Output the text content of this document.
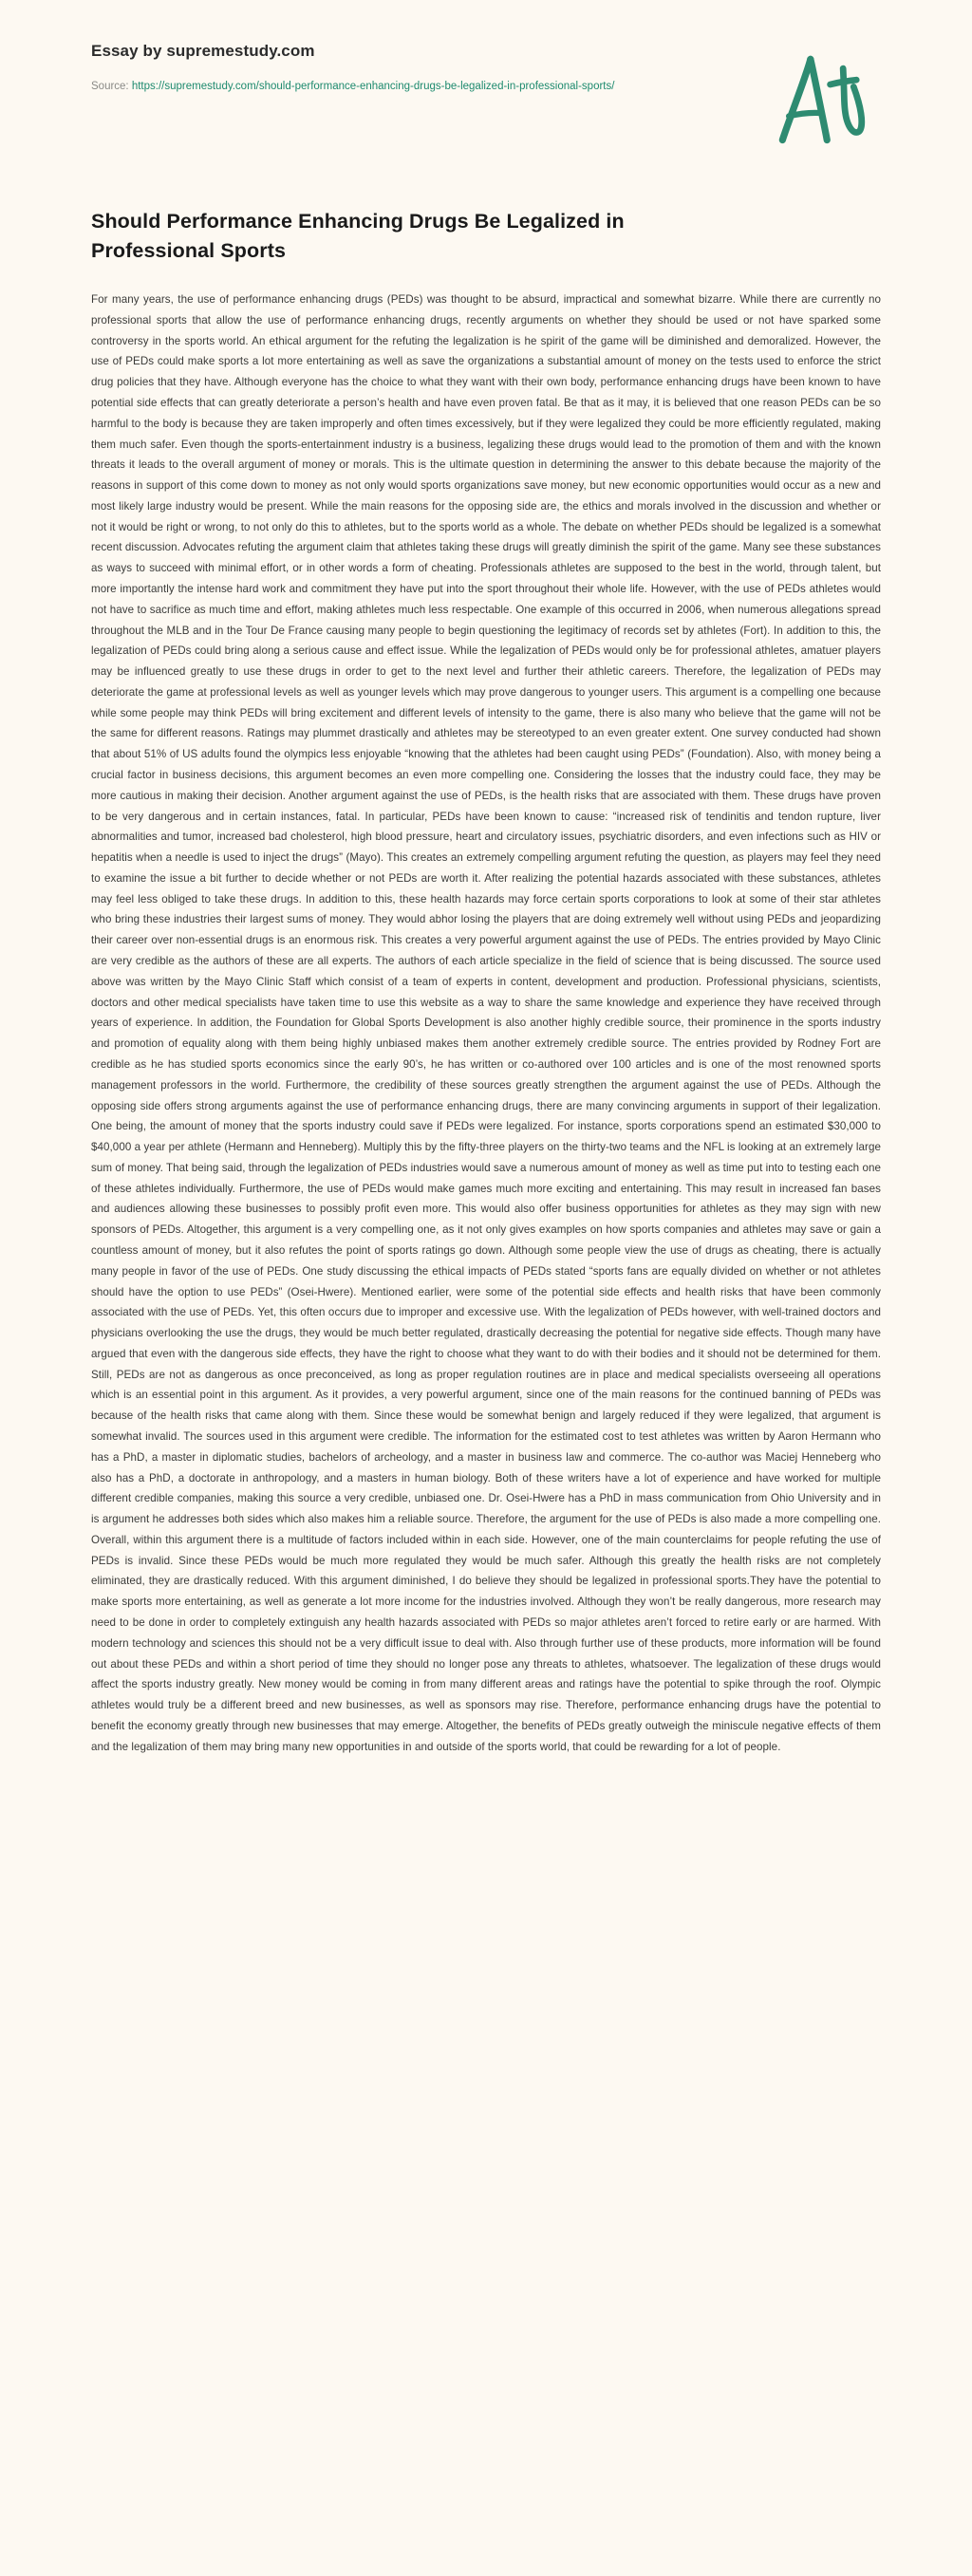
Essay by supremestudy.com
Source: https://supremestudy.com/should-performance-enhancing-drugs-be-legalized-in-professional-sports/
Should Performance Enhancing Drugs Be Legalized in Professional Sports

For many years, the use of performance enhancing drugs (PEDs) was thought to be absurd, impractical and somewhat bizarre. While there are currently no professional sports that allow the use of performance enhancing drugs, recently arguments on whether they should be used or not have sparked some controversy in the sports world. An ethical argument for the refuting the legalization is he spirit of the game will be diminished and demoralized. However, the use of PEDs could make sports a lot more entertaining as well as save the organizations a substantial amount of money on the tests used to enforce the strict drug policies that they have. Although everyone has the choice to what they want with their own body, performance enhancing drugs have been known to have potential side effects that can greatly deteriorate a person’s health and have even proven fatal. Be that as it may, it is believed that one reason PEDs can be so harmful to the body is because they are taken improperly and often times excessively, but if they were legalized they could be more efficiently regulated, making them much safer. Even though the sports-entertainment industry is a business, legalizing these drugs would lead to the promotion of them and with the known threats it leads to the overall argument of money or morals. This is the ultimate question in determining the answer to this debate because the majority of the reasons in support of this come down to money as not only would sports organizations save money, but new economic opportunities would occur as a new and most likely large industry would be present. While the main reasons for the opposing side are, the ethics and morals involved in the discussion and whether or not it would be right or wrong, to not only do this to athletes, but to the sports world as a whole. The debate on whether PEDs should be legalized is a somewhat recent discussion. Advocates refuting the argument claim that athletes taking these drugs will greatly diminish the spirit of the game. Many see these substances as ways to succeed with minimal effort, or in other words a form of cheating. Professionals athletes are supposed to the best in the world, through talent, but more importantly the intense hard work and commitment they have put into the sport throughout their whole life. However, with the use of PEDs athletes would not have to sacrifice as much time and effort, making athletes much less respectable. One example of this occurred in 2006, when numerous allegations spread throughout the MLB and in the Tour De France causing many people to begin questioning the legitimacy of records set by athletes (Fort). In addition to this, the legalization of PEDs could bring along a serious cause and effect issue. While the legalization of PEDs would only be for professional athletes, amatuer players may be influenced greatly to use these drugs in order to get to the next level and further their athletic careers. Therefore, the legalization of PEDs may deteriorate the game at professional levels as well as younger levels which may prove dangerous to younger users. This argument is a compelling one because while some people may think PEDs will bring excitement and different levels of intensity to the game, there is also many who believe that the game will not be the same for different reasons. Ratings may plummet drastically and athletes may be stereotyped to an even greater extent. One survey conducted had shown that about 51% of US adults found the olympics less enjoyable “knowing that the athletes had been caught using PEDs” (Foundation). Also, with money being a crucial factor in business decisions, this argument becomes an even more compelling one. Considering the losses that the industry could face, they may be more cautious in making their decision. Another argument against the use of PEDs, is the health risks that are associated with them. These drugs have proven to be very dangerous and in certain instances, fatal. In particular, PEDs have been known to cause: “increased risk of tendinitis and tendon rupture, liver abnormalities and tumor, increased bad cholesterol, high blood pressure, heart and circulatory issues, psychiatric disorders, and even infections such as HIV or hepatitis when a needle is used to inject the drugs” (Mayo). This creates an extremely compelling argument refuting the question, as players may feel they need to examine the issue a bit further to decide whether or not PEDs are worth it. After realizing the potential hazards associated with these substances, athletes may feel less obliged to take these drugs. In addition to this, these health hazards may force certain sports corporations to look at some of their star athletes who bring these industries their largest sums of money. They would abhor losing the players that are doing extremely well without using PEDs and jeopardizing their career over non-essential drugs is an enormous risk. This creates a very powerful argument against the use of PEDs. The entries provided by Mayo Clinic are very credible as the authors of these are all experts. The authors of each article specialize in the field of science that is being discussed. The source used above was written by the Mayo Clinic Staff which consist of a team of experts in content, development and production. Professional physicians, scientists, doctors and other medical specialists have taken time to use this website as a way to share the same knowledge and experience they have received through years of experience. In addition, the Foundation for Global Sports Development is also another highly credible source, their prominence in the sports industry and promotion of equality along with them being highly unbiased makes them another extremely credible source. The entries provided by Rodney Fort are credible as he has studied sports economics since the early 90’s, he has written or co-authored over 100 articles and is one of the most renowned sports management professors in the world. Furthermore, the credibility of these sources greatly strengthen the argument against the use of PEDs. Although the opposing side offers strong arguments against the use of performance enhancing drugs, there are many convincing arguments in support of their legalization. One being, the amount of money that the sports industry could save if PEDs were legalized. For instance, sports corporations spend an estimated $30,000 to $40,000 a year per athlete (Hermann and Henneberg). Multiply this by the fifty-three players on the thirty-two teams and the NFL is looking at an extremely large sum of money. That being said, through the legalization of PEDs industries would save a numerous amount of money as well as time put into to testing each one of these athletes individually. Furthermore, the use of PEDs would make games much more exciting and entertaining. This may result in increased fan bases and audiences allowing these businesses to possibly profit even more. This would also offer business opportunities for athletes as they may sign with new sponsors of PEDs. Altogether, this argument is a very compelling one, as it not only gives examples on how sports companies and athletes may save or gain a countless amount of money, but it also refutes the point of sports ratings go down. Although some people view the use of drugs as cheating, there is actually many people in favor of the use of PEDs. One study discussing the ethical impacts of PEDs stated “sports fans are equally divided on whether or not athletes should have the option to use PEDs” (Osei-Hwere). Mentioned earlier, were some of the potential side effects and health risks that have been commonly associated with the use of PEDs. Yet, this often occurs due to improper and excessive use. With the legalization of PEDs however, with well-trained doctors and physicians overlooking the use the drugs, they would be much better regulated, drastically decreasing the potential for negative side effects. Though many have argued that even with the dangerous side effects, they have the right to choose what they want to do with their bodies and it should not be determined for them. Still, PEDs are not as dangerous as once preconceived, as long as proper regulation routines are in place and medical specialists overseeing all operations which is an essential point in this argument. As it provides, a very powerful argument, since one of the main reasons for the continued banning of PEDs was because of the health risks that came along with them. Since these would be somewhat benign and largely reduced if they were legalized, that argument is somewhat invalid. The sources used in this argument were credible. The information for the estimated cost to test athletes was written by Aaron Hermann who has a PhD, a master in diplomatic studies, bachelors of archeology, and a master in business law and commerce. The co-author was Maciej Henneberg who also has a PhD, a doctorate in anthropology, and a masters in human biology. Both of these writers have a lot of experience and have worked for multiple different credible companies, making this source a very credible, unbiased one. Dr. Osei-Hwere has a PhD in mass communication from Ohio University and in is argument he addresses both sides which also makes him a reliable source. Therefore, the argument for the use of PEDs is also made a more compelling one. Overall, within this argument there is a multitude of factors included within in each side. However, one of the main counterclaims for people refuting the use of PEDs is invalid. Since these PEDs would be much more regulated they would be much safer. Although this greatly the health risks are not completely eliminated, they are drastically reduced. With this argument diminished, I do believe they should be legalized in professional sports.They have the potential to make sports more entertaining, as well as generate a lot more income for the industries involved. Although they won’t be really dangerous, more research may need to be done in order to completely extinguish any health hazards associated with PEDs so major athletes aren’t forced to retire early or are harmed. With modern technology and sciences this should not be a very difficult issue to deal with. Also through further use of these products, more information will be found out about these PEDs and within a short period of time they should no longer pose any threats to athletes, whatsoever. The legalization of these drugs would affect the sports industry greatly. New money would be coming in from many different areas and ratings have the potential to spike through the roof. Olympic athletes would truly be a different breed and new businesses, as well as sponsors may rise. Therefore, performance enhancing drugs have the potential to benefit the economy greatly through new businesses that may emerge. Altogether, the benefits of PEDs greatly outweigh the miniscule negative effects of them and the legalization of them may bring many new opportunities in and outside of the sports world, that could be rewarding for a lot of people.
